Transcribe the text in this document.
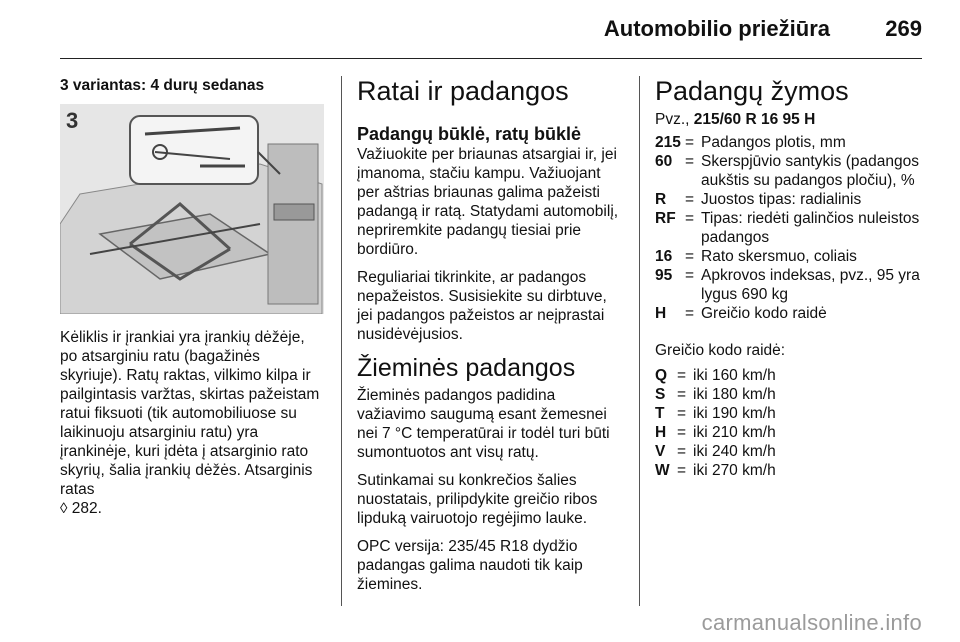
Automobilio priežiūra	269
3 variantas: 4 durų sedanas
3

Kėliklis ir įrankiai yra įrankių dėžėje, po atsarginiu ratu (bagažinės skyriuje). Ratų raktas, vilkimo kilpa ir pailgintasis varžtas, skirtas pažeistam ratui fiksuoti (tik automobiliuose su laikinuoju atsarginiu ratu) yra įrankinėje, kuri įdėta į atsarginio rato skyrių, šalia įrankių dėžės. Atsarginis ratas
◊ 282.

Ratai ir padangos
Padangų būklė, ratų būklė

Važiuokite per briaunas atsargiai ir, jei įmanoma, stačiu kampu. Važiuojant per aštrias briaunas galima pažeisti padangą ir ratą. Statydami automobilį, nepriremkite padangų tiesiai prie bordiūro.

Reguliariai tikrinkite, ar padangos nepažeistos. Susisiekite su dirbtuve, jei padangos pažeistos ar neįprastai nusidėvėjusios.

Žieminės padangos

Žieminės padangos padidina važiavimo saugumą esant žemesnei nei 7 °C temperatūrai ir todėl turi būti sumontuotos ant visų ratų.

Sutinkamai su konkrečios šalies nuostatais, prilipdykite greičio ribos lipduką vairuotojo regėjimo lauke.

OPC versija: 235/45 R18 dydžio padangas galima naudoti tik kaip žiemines.

Padangų žymos

Pvz., 215/60 R 16 95 H

215	=	Padangos plotis, mm
60	=	Skerspjūvio santykis (padangos aukštis su padangos pločiu), %
R	=	Juostos tipas: radialinis
RF	=	Tipas: riedėti galinčios nuleistos padangos
16	=	Rato skersmuo, coliais
95	=	Apkrovos indeksas, pvz., 95 yra lygus 690 kg
H	=	Greičio kodo raidė

Greičio kodo raidė:

Q	=	iki 160 km/h
S	=	iki 180 km/h
T	=	iki 190 km/h
H	=	iki 210 km/h
V	=	iki 240 km/h
W	=	iki 270 km/h
carmanualsonline.info
